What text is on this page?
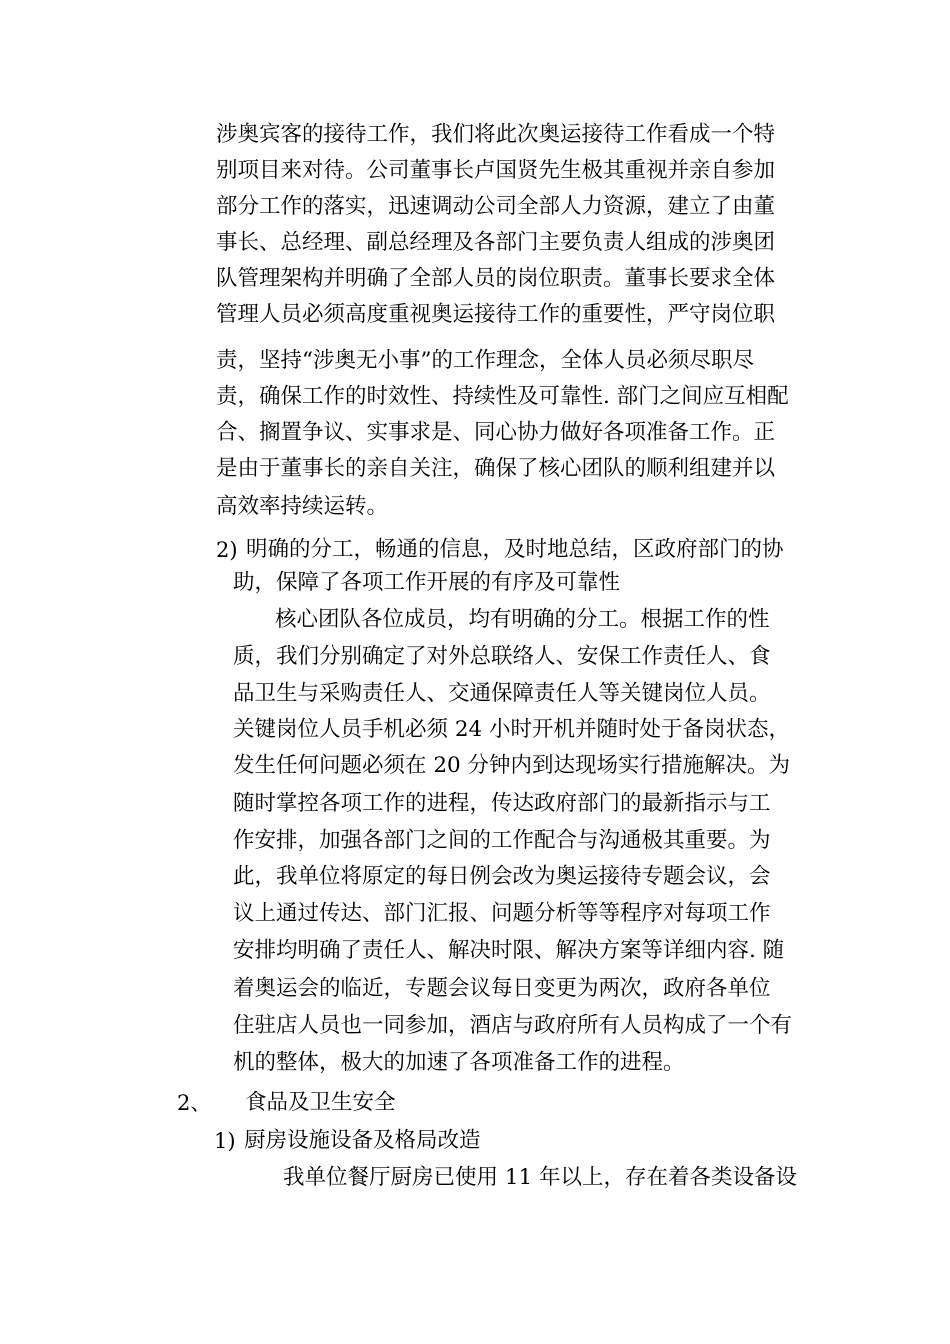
涉奥宾客的接待工作，我们将此次奥运接待工作看成一个特
别项目来对待。公司董事长卢国贤先生极其重视并亲自参加
部分工作的落实，迅速调动公司全部人力资源，建立了由董
事长、总经理、副总经理及各部门主要负责人组成的涉奥团
队管理架构并明确了全部人员的岗位职责。董事长要求全体
管理人员必须高度重视奥运接待工作的重要性，严守岗位职
责，坚持“涉奥无小事”的工作理念，全体人员必须尽职尽
责，确保工作的时效性、持续性及可靠性. 部门之间应互相配
合、搁置争议、实事求是、同心协力做好各项准备工作。正
是由于董事长的亲自关注，确保了核心团队的顺利组建并以
高效率持续运转。
2) 明确的分工，畅通的信息，及时地总结，区政府部门的协
助，保障了各项工作开展的有序及可靠性
核心团队各位成员，均有明确的分工。根据工作的性
质，我们分别确定了对外总联络人、安保工作责任人、食
品卫生与采购责任人、交通保障责任人等关键岗位人员。
关键岗位人员手机必须 24 小时开机并随时处于备岗状态，
发生任何问题必须在 20 分钟内到达现场实行措施解决。为
随时掌控各项工作的进程，传达政府部门的最新指示与工
作安排，加强各部门之间的工作配合与沟通极其重要。为
此，我单位将原定的每日例会改为奥运接待专题会议，会
议上通过传达、部门汇报、问题分析等等程序对每项工作
安排均明确了责任人、解决时限、解决方案等详细内容. 随
着奥运会的临近，专题会议每日变更为两次，政府各单位
住驻店人员也一同参加，酒店与政府所有人员构成了一个有
机的整体，极大的加速了各项准备工作的进程。
2、 食品及卫生安全
1) 厨房设施设备及格局改造
我单位餐厅厨房已使用 11 年以上，存在着各类设备设
